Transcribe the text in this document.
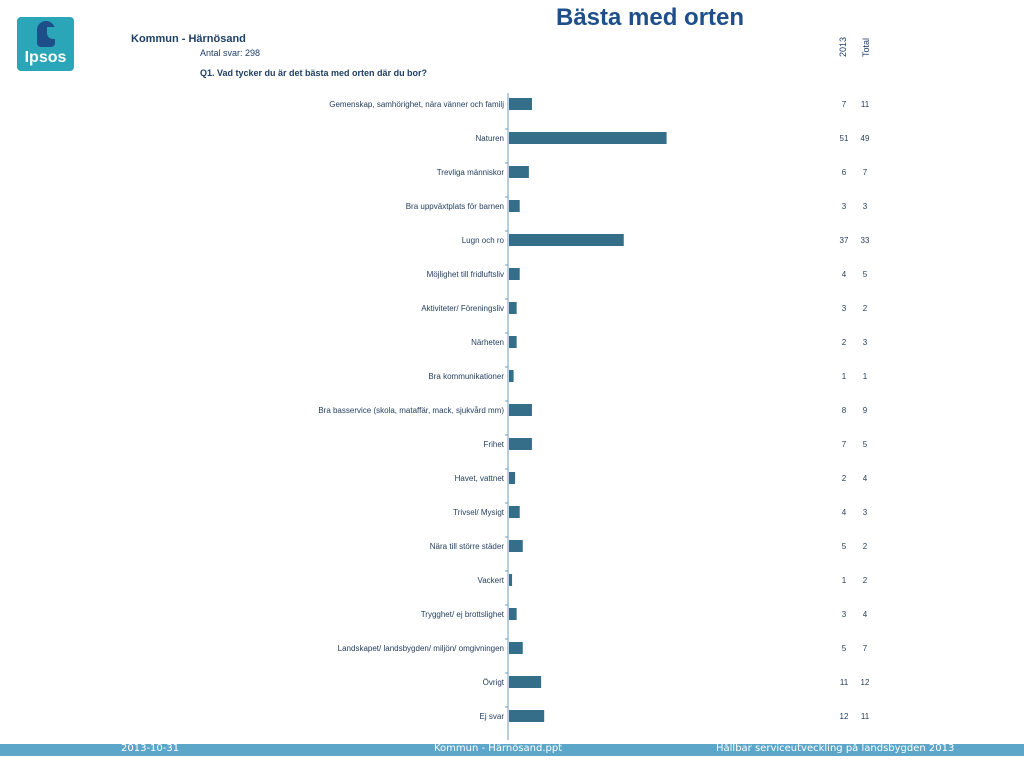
Ipsos
Bästa med orten
Kommun - Härnösand
Antal svar: 298
Q1. Vad tycker du är det bästa med orten där du bor?
2013 Total
Gemenskap, samhörighet, nära vänner och familj	7 11
Naturen	51 49
Trevliga människor	6 7
Bra uppväxtplats för barnen	3 3
Lugn och ro	37 33
Möjlighet till fridluftsliv	4 5
Aktiviteter/ Föreningsliv	3 2
Närheten	2 3
Bra kommunikationer	1 1
Bra basservice (skola, mataffär, mack, sjukvård mm)	8 9
Frihet	7 5
Havet, vattnet	2 4
Trivsel/ Mysigt	4 3
Nära till större städer	5 2
Vackert	1 2
Trygghet/ ej brottslighet	3 4
Landskapet/ landsbygden/ miljön/ omgivningen	5 7
Övrigt	11 12
Ej svar	12 11
2013-10-31	Kommun - Härnösand.ppt	Hållbar serviceutveckling på landsbygden 2013
